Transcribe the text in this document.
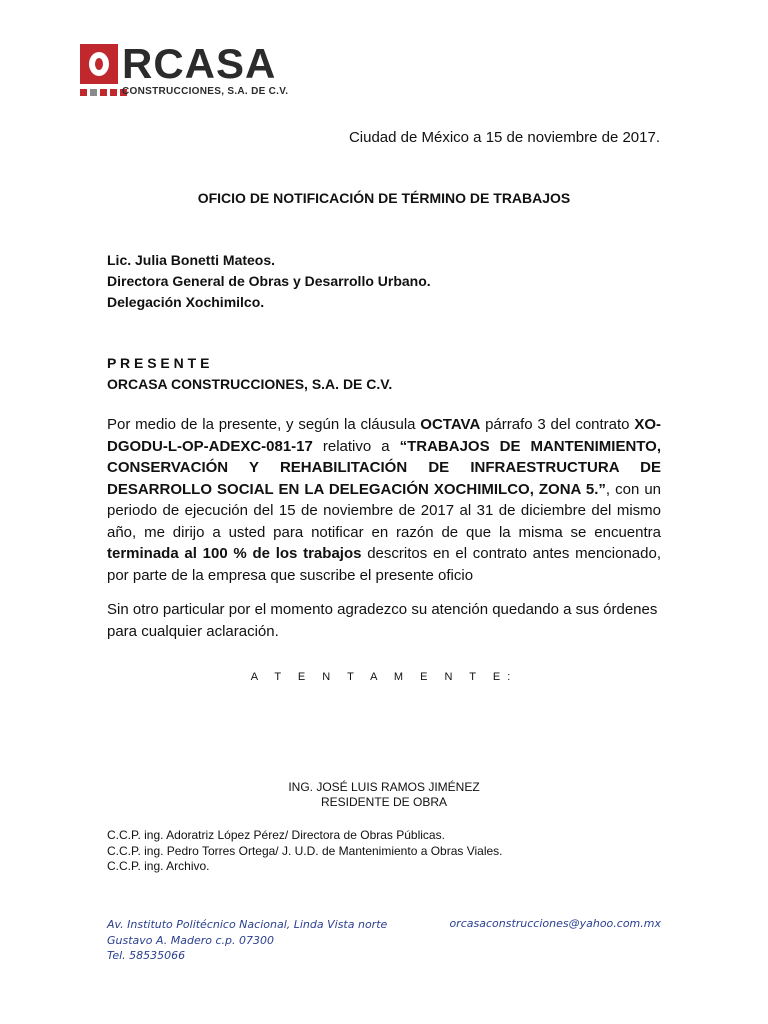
RCASA
CONSTRUCCIONES, S.A. DE C.V.
Ciudad de México a 15 de noviembre de 2017.
OFICIO DE NOTIFICACIÓN DE TÉRMINO DE TRABAJOS
Lic. Julia Bonetti Mateos.
Directora General de Obras y Desarrollo Urbano.
Delegación Xochimilco.
P R E S E N T E
ORCASA CONSTRUCCIONES, S.A. DE C.V.
Por medio de la presente, y según la cláusula OCTAVA párrafo 3 del contrato XO-DGODU-L-OP-ADEXC-081-17 relativo a “TRABAJOS DE MANTENIMIENTO, CONSERVACIÓN Y REHABILITACIÓN DE INFRAESTRUCTURA DE DESARROLLO SOCIAL EN LA DELEGACIÓN XOCHIMILCO, ZONA 5.”, con un periodo de ejecución del 15 de noviembre de 2017 al 31 de diciembre del mismo año, me dirijo a usted para notificar en razón de que la misma se encuentra terminada al 100 % de los trabajos descritos en el contrato antes mencionado, por parte de la empresa que suscribe el presente oficio
Sin otro particular por el momento agradezco su atención quedando a sus órdenes para cualquier aclaración.
A T E N T A M E N T E:
ING. JOSÉ LUIS RAMOS JIMÉNEZ
RESIDENTE DE OBRA
C.C.P. ing. Adoratriz López Pérez/ Directora de Obras Públicas.
C.C.P. ing. Pedro Torres Ortega/ J. U.D. de Mantenimiento a Obras Viales.
C.C.P. ing. Archivo.
Av. Instituto Politécnico Nacional, Linda Vista norte
Gustavo A. Madero c.p. 07300
Tel. 58535066
orcasaconstrucciones@yahoo.com.mx
